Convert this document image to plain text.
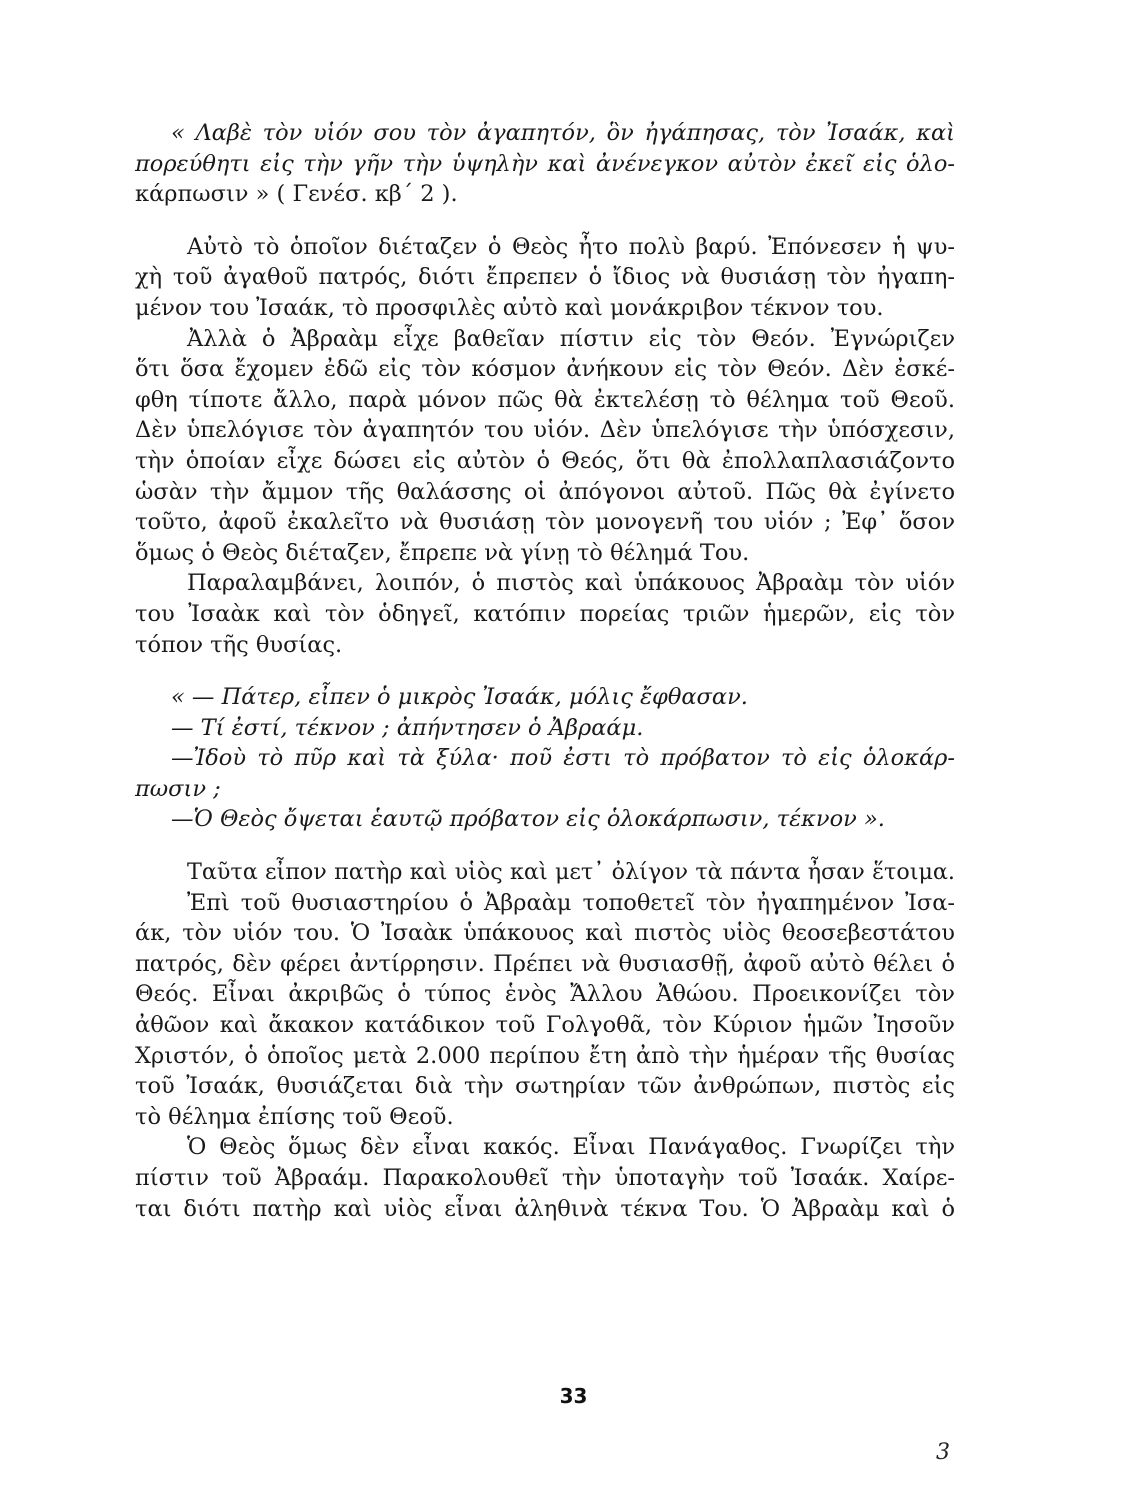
« Λαβὲ τὸν υἱόν σου τὸν ἀγαπητόν, ὃν ἠγάπησας, τὸν Ἰσαάκ, καὶ
πορεύθητι εἰς τὴν γῆν τὴν ὑψηλὴν καὶ ἀνένεγκον αὐτὸν ἐκεῖ εἰς ὁλο-
κάρπωσιν » ( Γενέσ. κβ΄ 2 ).
Αὐτὸ τὸ ὁποῖον διέταζεν ὁ Θεὸς ἦτο πολὺ βαρύ. Ἐπόνεσεν ἡ ψυ-
χὴ τοῦ ἀγαθοῦ πατρός, διότι ἔπρεπεν ὁ ἴδιος νὰ θυσιάσῃ τὸν ἠγαπη-
μένον του Ἰσαάκ, τὸ προσφιλὲς αὐτὸ καὶ μονάκριβον τέκνον του.
Ἀλλὰ ὁ Ἀβραὰμ εἶχε βαθεῖαν πίστιν εἰς τὸν Θεόν. Ἐγνώριζεν
ὅτι ὅσα ἔχομεν ἐδῶ εἰς τὸν κόσμον ἀνήκουν εἰς τὸν Θεόν. Δὲν ἐσκέ-
φθη τίποτε ἄλλο, παρὰ μόνον πῶς θὰ ἐκτελέσῃ τὸ θέλημα τοῦ Θεοῦ.
Δὲν ὑπελόγισε τὸν ἀγαπητόν του υἱόν. Δὲν ὑπελόγισε τὴν ὑπόσχεσιν,
τὴν ὁποίαν εἶχε δώσει εἰς αὐτὸν ὁ Θεός, ὅτι θὰ ἐπολλαπλασιάζοντο
ὡσὰν τὴν ἄμμον τῆς θαλάσσης οἱ ἀπόγονοι αὐτοῦ. Πῶς θὰ ἐγίνετο
τοῦτο, ἀφοῦ ἐκαλεῖτο νὰ θυσιάσῃ τὸν μονογενῆ του υἱόν ; Ἐφ᾽ ὅσον
ὅμως ὁ Θεὸς διέταζεν, ἔπρεπε νὰ γίνῃ τὸ θέλημά Του.
Παραλαμβάνει, λοιπόν, ὁ πιστὸς καὶ ὑπάκουος Ἀβραὰμ τὸν υἱόν
του Ἰσαὰκ καὶ τὸν ὁδηγεῖ, κατόπιν πορείας τριῶν ἡμερῶν, εἰς τὸν
τόπον τῆς θυσίας.
« — Πάτερ, εἶπεν ὁ μικρὸς Ἰσαάκ, μόλις ἔφθασαν.
— Τί ἐστί, τέκνον ; ἀπήντησεν ὁ Ἀβραάμ.
—Ἰδοὺ τὸ πῦρ καὶ τὰ ξύλα· ποῦ ἐστι τὸ πρόβατον τὸ εἰς ὁλοκάρ-
πωσιν ;
—Ὁ Θεὸς ὄψεται ἑαυτῷ πρόβατον εἰς ὁλοκάρπωσιν, τέκνον ».
Ταῦτα εἶπον πατὴρ καὶ υἱὸς καὶ μετ᾽ ὀλίγον τὰ πάντα ἦσαν ἕτοιμα.
Ἐπὶ τοῦ θυσιαστηρίου ὁ Ἀβραὰμ τοποθετεῖ τὸν ἠγαπημένον Ἰσα-
άκ, τὸν υἱόν του. Ὁ Ἰσαὰκ ὑπάκουος καὶ πιστὸς υἱὸς θεοσεβεστάτου
πατρός, δὲν φέρει ἀντίρρησιν. Πρέπει νὰ θυσιασθῇ, ἀφοῦ αὐτὸ θέλει ὁ
Θεός. Εἶναι ἀκριβῶς ὁ τύπος ἑνὸς Ἄλλου Ἀθώου. Προεικονίζει τὸν
ἀθῶον καὶ ἄκακον κατάδικον τοῦ Γολγοθᾶ, τὸν Κύριον ἡμῶν Ἰησοῦν
Χριστόν, ὁ ὁποῖος μετὰ 2.000 περίπου ἔτη ἀπὸ τὴν ἡμέραν τῆς θυσίας
τοῦ Ἰσαάκ, θυσιάζεται διὰ τὴν σωτηρίαν τῶν ἀνθρώπων, πιστὸς εἰς
τὸ θέλημα ἐπίσης τοῦ Θεοῦ.
Ὁ Θεὸς ὅμως δὲν εἶναι κακός. Εἶναι Πανάγαθος. Γνωρίζει τὴν
πίστιν τοῦ Ἀβραάμ. Παρακολουθεῖ τὴν ὑποταγὴν τοῦ Ἰσαάκ. Χαίρε-
ται διότι πατὴρ καὶ υἱὸς εἶναι ἀληθινὰ τέκνα Του. Ὁ Ἀβραὰμ καὶ ὁ
33
3
